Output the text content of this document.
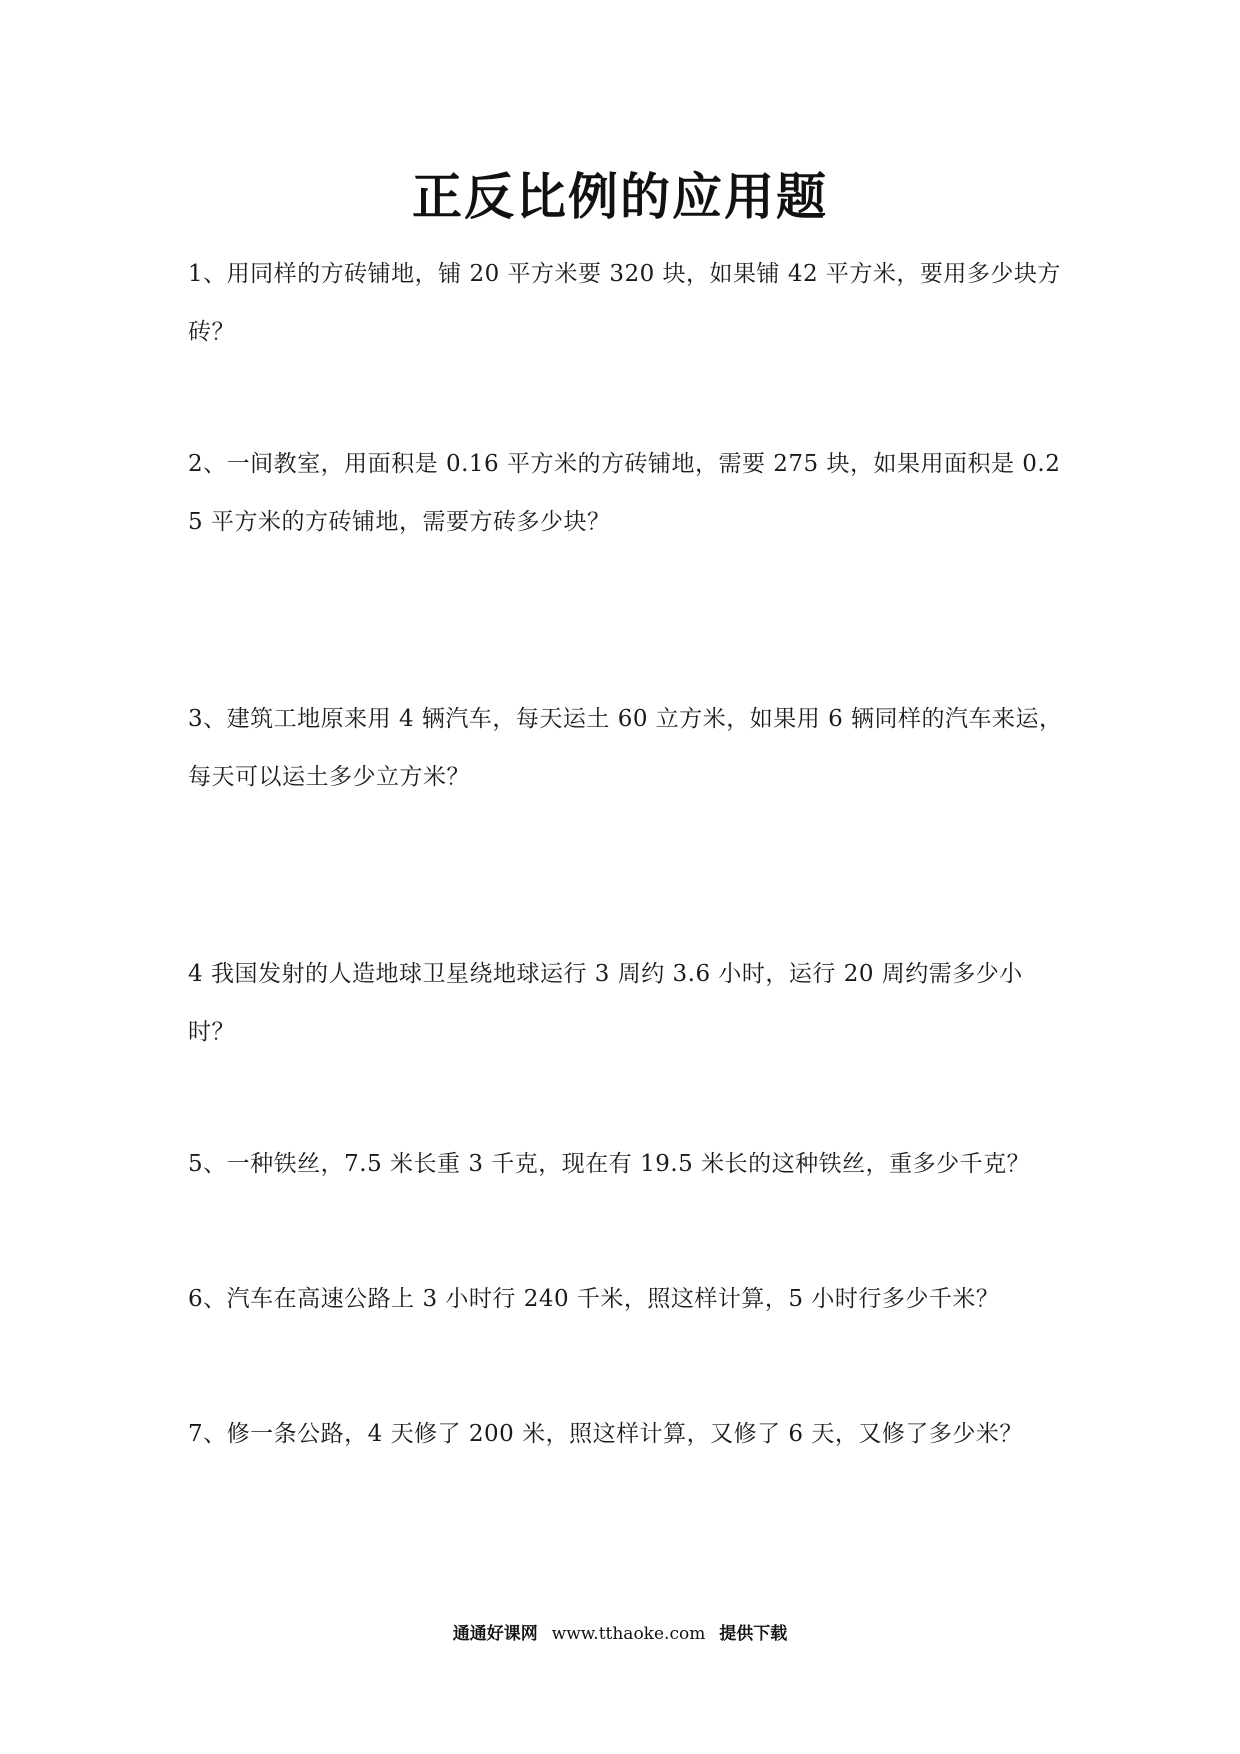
正反比例的应用题

1、用同样的方砖铺地，铺 20 平方米要 320 块，如果铺 42 平方米，要用多少块方砖？

2、一间教室，用面积是 0.16 平方米的方砖铺地，需要 275 块，如果用面积是 0.25 平方米的方砖铺地，需要方砖多少块？

3、建筑工地原来用 4 辆汽车，每天运土 60 立方米，如果用 6 辆同样的汽车来运，每天可以运土多少立方米？

4 我国发射的人造地球卫星绕地球运行 3 周约 3.6 小时，运行 20 周约需多少小时？

5、一种铁丝，7.5 米长重 3 千克，现在有 19.5 米长的这种铁丝，重多少千克？

6、汽车在高速公路上 3 小时行 240 千米，照这样计算，5 小时行多少千米？

7、修一条公路，4 天修了 200 米，照这样计算，又修了 6 天，又修了多少米？

通通好课网 www.tthaoke.com 提供下载
